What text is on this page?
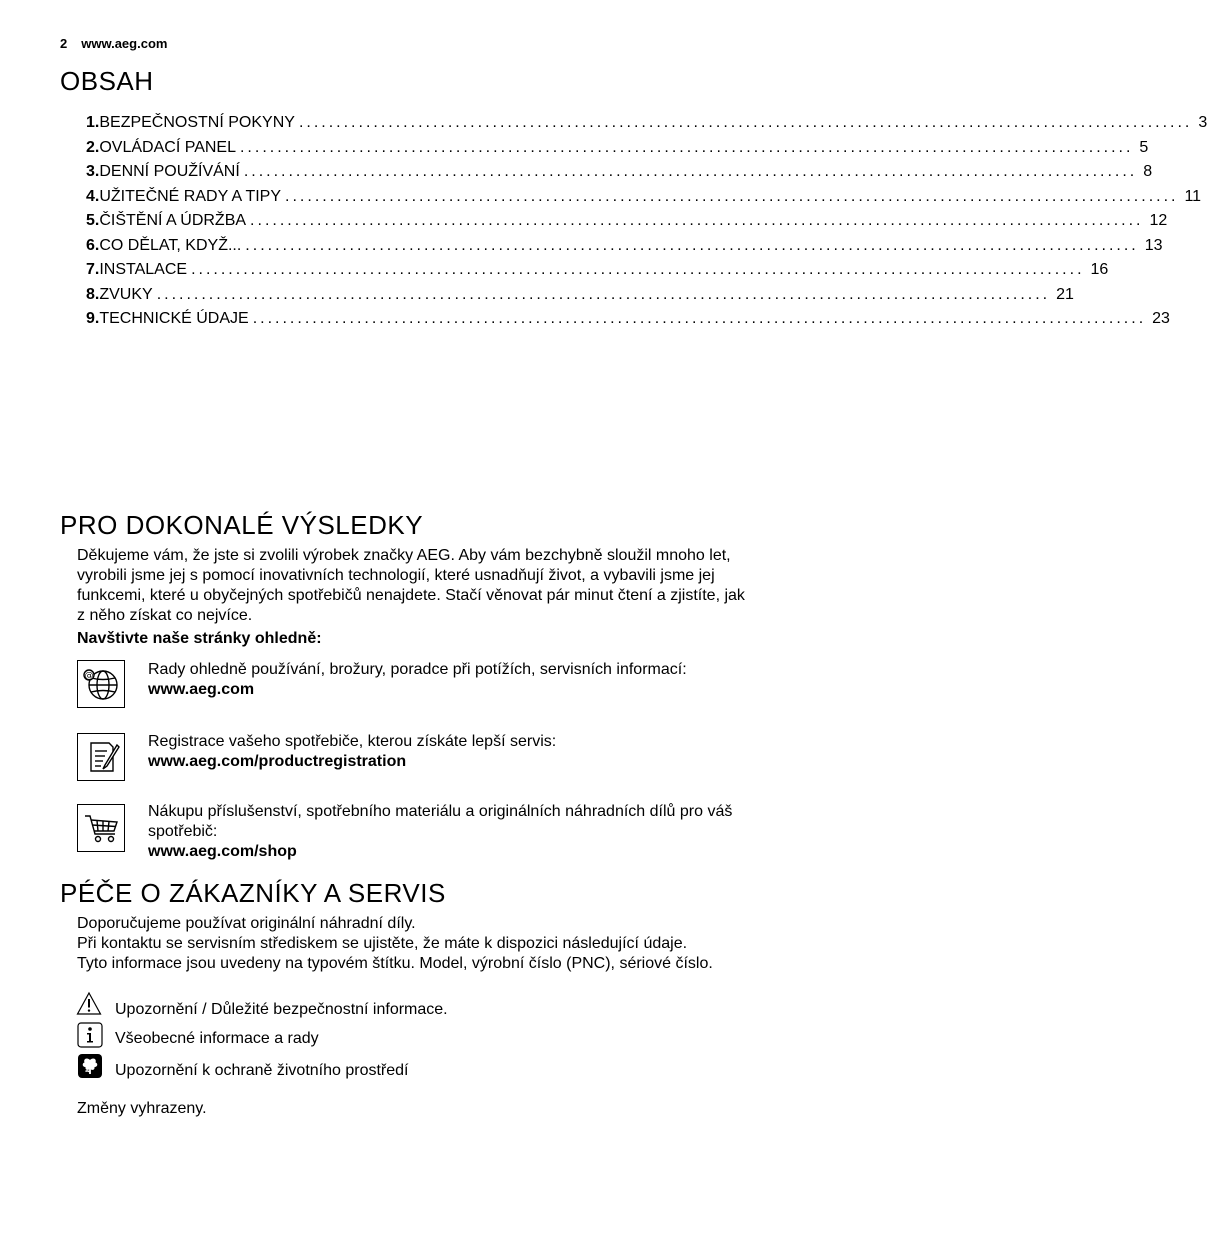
2 www.aeg.com
OBSAH
1. BEZPEČNOSTNÍ POKYNY ........................................................................................................................ 3
2. OVLÁDACÍ PANEL ........................................................................................................................ 5
3. DENNÍ POUŽÍVÁNÍ ........................................................................................................................ 8
4. UŽITEČNÉ RADY A TIPY ........................................................................................................................ 11
5. ČIŠTĚNÍ A ÚDRŽBA ........................................................................................................................ 12
6. CO DĚLAT, KDYŽ... ........................................................................................................................ 13
7. INSTALACE ........................................................................................................................ 16
8. ZVUKY ........................................................................................................................ 21
9. TECHNICKÉ ÚDAJE ........................................................................................................................ 23
PRO DOKONALÉ VÝSLEDKY
Děkujeme vám, že jste si zvolili výrobek značky AEG. Aby vám bezchybně sloužil mnoho let,
vyrobili jsme jej s pomocí inovativních technologií, které usnadňují život, a vybavili jsme jej
funkcemi, které u obyčejných spotřebičů nenajdete. Stačí věnovat pár minut čtení a zjistíte, jak
z něho získat co nejvíce.
Navštivte naše stránky ohledně:
@	Rady ohledně používání, brožury, poradce při potížích, servisních informací:
www.aeg.com
Registrace vašeho spotřebiče, kterou získáte lepší servis:
www.aeg.com/productregistration
Nákupu příslušenství, spotřebního materiálu a originálních náhradních dílů pro váš
spotřebič:
www.aeg.com/shop
PÉČE O ZÁKAZNÍKY A SERVIS
Doporučujeme používat originální náhradní díly.
Při kontaktu se servisním střediskem se ujistěte, že máte k dispozici následující údaje.
Tyto informace jsou uvedeny na typovém štítku. Model, výrobní číslo (PNC), sériové číslo.
Upozornění / Důležité bezpečnostní informace.
Všeobecné informace a rady
Upozornění k ochraně životního prostředí
Změny vyhrazeny.
